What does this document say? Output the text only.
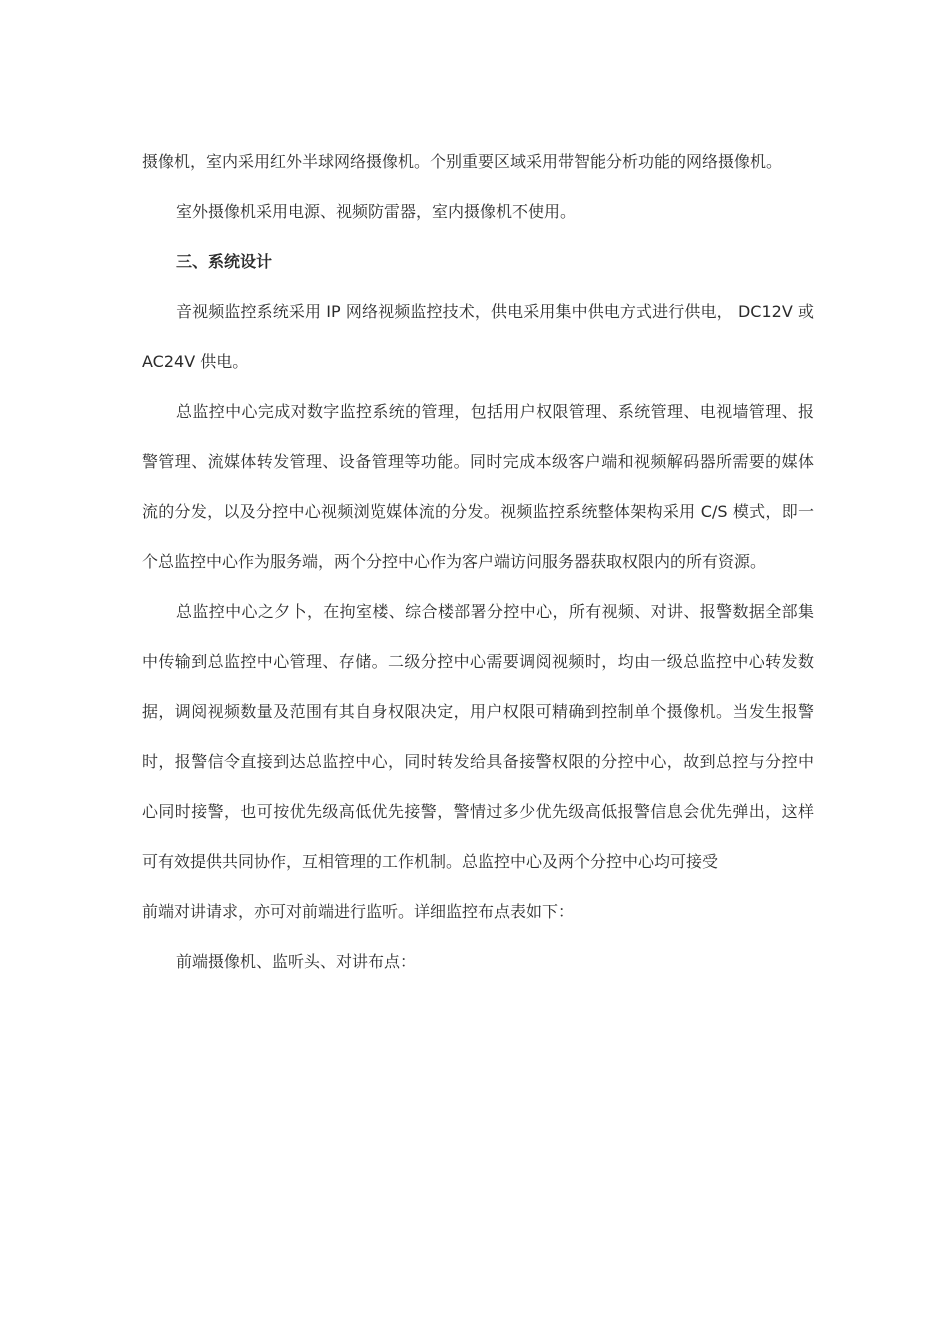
摄像机，室内采用红外半球网络摄像机。个别重要区域采用带智能分析功能的网络摄像机。
室外摄像机采用电源、视频防雷器，室内摄像机不使用。
三、系统设计
音视频监控系统采用 IP 网络视频监控技术，供电采用集中供电方式进行供电， DC12V 或
AC24V 供电。
总监控中心完成对数字监控系统的管理，包括用户权限管理、系统管理、电视墙管理、报
警管理、流媒体转发管理、设备管理等功能。同时完成本级客户端和视频解码器所需要的媒体
流的分发，以及分控中心视频浏览媒体流的分发。视频监控系统整体架构采用 C/S 模式，即一
个总监控中心作为服务端，两个分控中心作为客户端访问服务器获取权限内的所有资源。
总监控中心之夕卜，在拘室楼、综合楼部署分控中心，所有视频、对讲、报警数据全部集
中传输到总监控中心管理、存储。二级分控中心需要调阅视频时，均由一级总监控中心转发数
据，调阅视频数量及范围有其自身权限决定，用户权限可精确到控制单个摄像机。当发生报警
时，报警信令直接到达总监控中心，同时转发给具备接警权限的分控中心，故到总控与分控中
心同时接警，也可按优先级高低优先接警，警情过多少优先级高低报警信息会优先弹出，这样
可有效提供共同协作，互相管理的工作机制。总监控中心及两个分控中心均可接受
前端对讲请求，亦可对前端进行监听。详细监控布点表如下：
前端摄像机、监听头、对讲布点：
